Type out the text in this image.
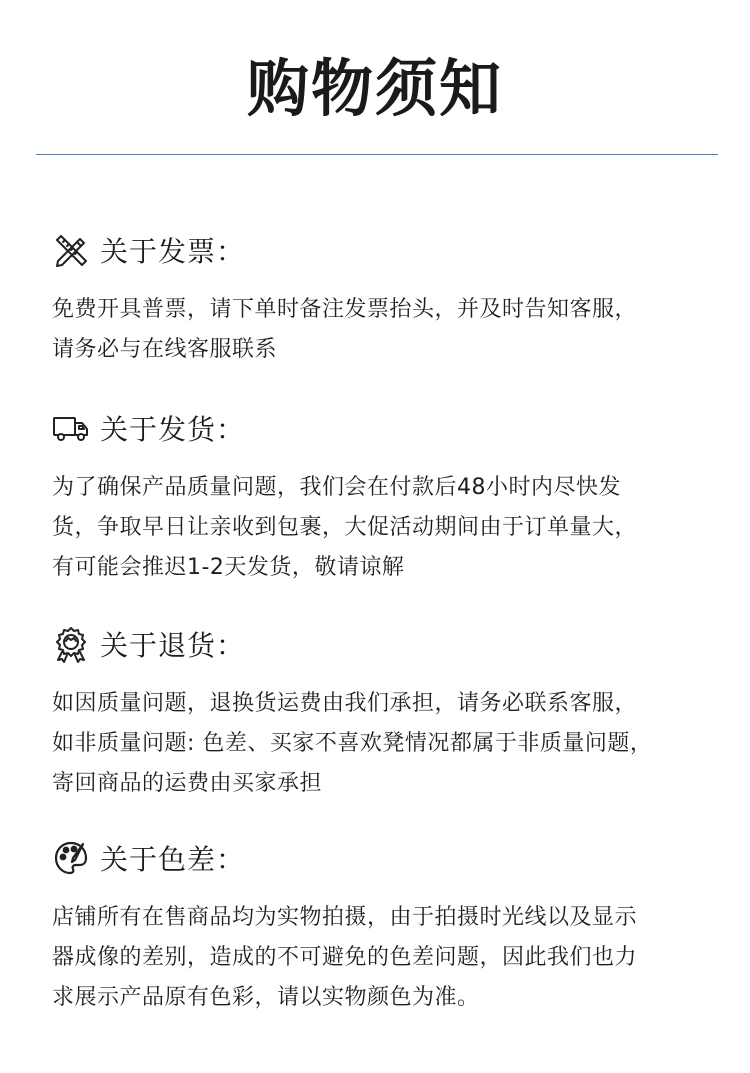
购物须知
关于发票：
免费开具普票，请下单时备注发票抬头，并及时告知客服，
请务必与在线客服联系
关于发货：
为了确保产品质量问题，我们会在付款后48小时内尽快发
货，争取早日让亲收到包裹，大促活动期间由于订单量大，
有可能会推迟1-2天发货，敬请谅解
关于退货：
如因质量问题，退换货运费由我们承担，请务必联系客服，
如非质量问题: 色差、买家不喜欢凳情况都属于非质量问题，
寄回商品的运费由买家承担
关于色差：
店铺所有在售商品均为实物拍摄，由于拍摄时光线以及显示
器成像的差别，造成的不可避免的色差问题，因此我们也力
求展示产品原有色彩，请以实物颜色为准。
